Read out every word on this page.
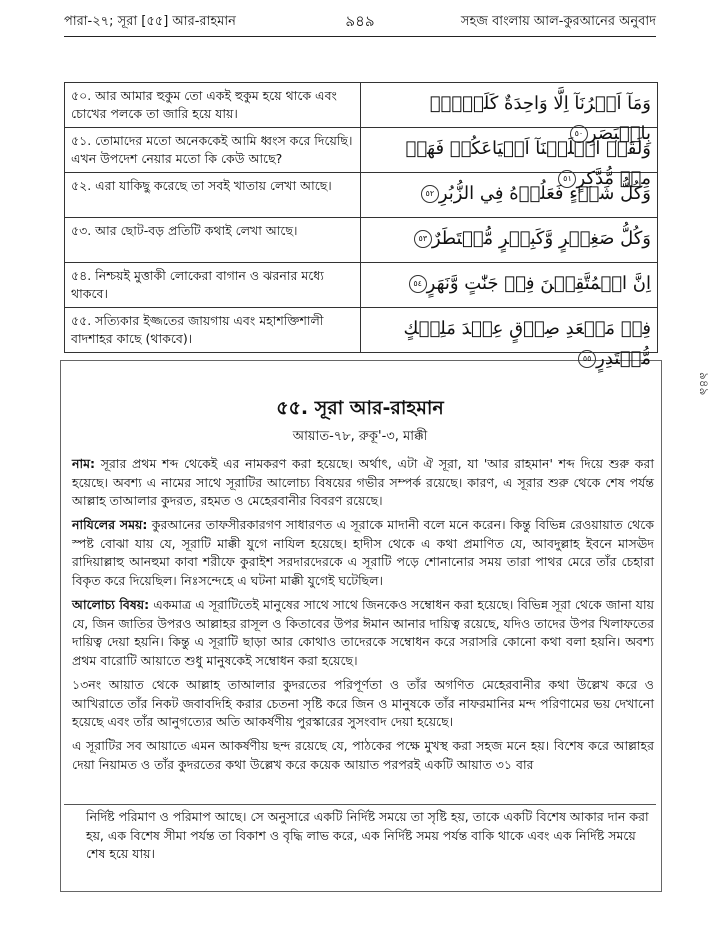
পারা-২৭; সূরা [৫৫] আর-রাহমান	৯৪৯	সহজ বাংলায় আল-কুরআনের অনুবাদ
৯৪৯
৫০. আর আমার হুকুম তো একই হুকুম হয়ে থাকে এবং চোখের পলকে তা জারি হয়ে যায়।	وَمَآ اَمۡرُنَآ اِلَّا وَاحِدَةٌ كَلَمۡحٍۭ بِالۡبَصَرِ٥٠
৫১. তোমাদের মতো অনেককেই আমি ধ্বংস করে দিয়েছি। এখন উপদেশ নেয়ার মতো কি কেউ আছে?	وَلَقَدۡ اَهۡلَكۡنَآ اَشۡيَاعَكُمۡ فَهَلۡ مِنۡ مُّدَّكِرٍ٥١
৫২. এরা যাকিছু করেছে তা সবই খাতায় লেখা আছে।	وَكُلُّ شَيۡءٍ فَعَلُوۡهُ فِي الزُّبُرِ٥٢
৫৩. আর ছোট-বড় প্রতিটি কথাই লেখা আছে।	وَكُلُّ صَغِيۡرٍ وَّكَبِيۡرٍ مُّسۡتَطَرٌ٥٣
৫৪. নিশ্চয়ই মুত্তাকী লোকেরা বাগান ও ঝরনার মধ্যে থাকবে।	اِنَّ الۡمُتَّقِيۡنَ فِيۡ جَنّٰتٍ وَّنَهَرٍ٥٤
৫৫. সত্যিকার ইজ্জতের জায়গায় এবং মহাশক্তিশালী বাদশাহর কাছে (থাকবে)।	فِيۡ مَقۡعَدِ صِدۡقٍ عِنۡدَ مَلِيۡكٍ مُّقۡتَدِرٍ٥٥
৫৫. সূরা আর-রাহমান
আয়াত-৭৮, রুকূ'-৩, মাক্কী
নাম: সূরার প্রথম শব্দ থেকেই এর নামকরণ করা হয়েছে। অর্থাৎ, এটা ঐ সূরা, যা 'আর রাহমান' শব্দ দিয়ে শুরু করা হয়েছে। অবশ্য এ নামের সাথে সূরাটির আলোচ্য বিষয়ের গভীর সম্পর্ক রয়েছে। কারণ, এ সূরার শুরু থেকে শেষ পর্যন্ত আল্লাহ তাআলার কুদরত, রহমত ও মেহেরবানীর বিবরণ রয়েছে।
নাযিলের সময়: কুরআনের তাফসীরকারগণ সাধারণত এ সূরাকে মাদানী বলে মনে করেন। কিন্তু বিভিন্ন রেওয়ায়াত থেকে স্পষ্ট বোঝা যায় যে, সূরাটি মাক্কী যুগে নাযিল হয়েছে। হাদীস থেকে এ কথা প্রমাণিত যে, আবদুল্লাহ ইবনে মাসঊদ রাদিয়াল্লাহু আনহুমা কাবা শরীফে কুরাইশ সরদারদেরকে এ সূরাটি পড়ে শোনানোর সময় তারা পাথর মেরে তাঁর চেহারা বিকৃত করে দিয়েছিল। নিঃসন্দেহে এ ঘটনা মাক্কী যুগেই ঘটেছিল।
আলোচ্য বিষয়: একমাত্র এ সূরাটিতেই মানুষের সাথে সাথে জিনকেও সম্বোধন করা হয়েছে। বিভিন্ন সূরা থেকে জানা যায় যে, জিন জাতির উপরও আল্লাহর রাসূল ও কিতাবের উপর ঈমান আনার দায়িত্ব রয়েছে, যদিও তাদের উপর খিলাফতের দায়িত্ব দেয়া হয়নি। কিন্তু এ সূরাটি ছাড়া আর কোথাও তাদেরকে সম্বোধন করে সরাসরি কোনো কথা বলা হয়নি। অবশ্য প্রথম বারোটি আয়াতে শুধু মানুষকেই সম্বোধন করা হয়েছে।
১৩নং আয়াত থেকে আল্লাহ তাআলার কুদরতের পরিপূর্ণতা ও তাঁর অগণিত মেহেরবানীর কথা উল্লেখ করে ও আখিরাতে তাঁর নিকট জবাবদিহি করার চেতনা সৃষ্টি করে জিন ও মানুষকে তাঁর নাফরমানির মন্দ পরিণামের ভয় দেখানো হয়েছে এবং তাঁর আনুগত্যের অতি আকর্ষণীয় পুরস্কারের সুসংবাদ দেয়া হয়েছে।
এ সূরাটির সব আয়াতে এমন আকর্ষণীয় ছন্দ রয়েছে যে, পাঠকের পক্ষে মুখস্থ করা সহজ মনে হয়। বিশেষ করে আল্লাহর দেয়া নিয়ামত ও তাঁর কুদরতের কথা উল্লেখ করে কয়েক আয়াত পরপরই একটি আয়াত ৩১ বার
নির্দিষ্ট পরিমাণ ও পরিমাপ আছে। সে অনুসারে একটি নির্দিষ্ট সময়ে তা সৃষ্টি হয়, তাকে একটি বিশেষ আকার দান করা হয়, এক বিশেষ সীমা পর্যন্ত তা বিকাশ ও বৃদ্ধি লাভ করে, এক নির্দিষ্ট সময় পর্যন্ত বাকি থাকে এবং এক নির্দিষ্ট সময়ে শেষ হয়ে যায়।
